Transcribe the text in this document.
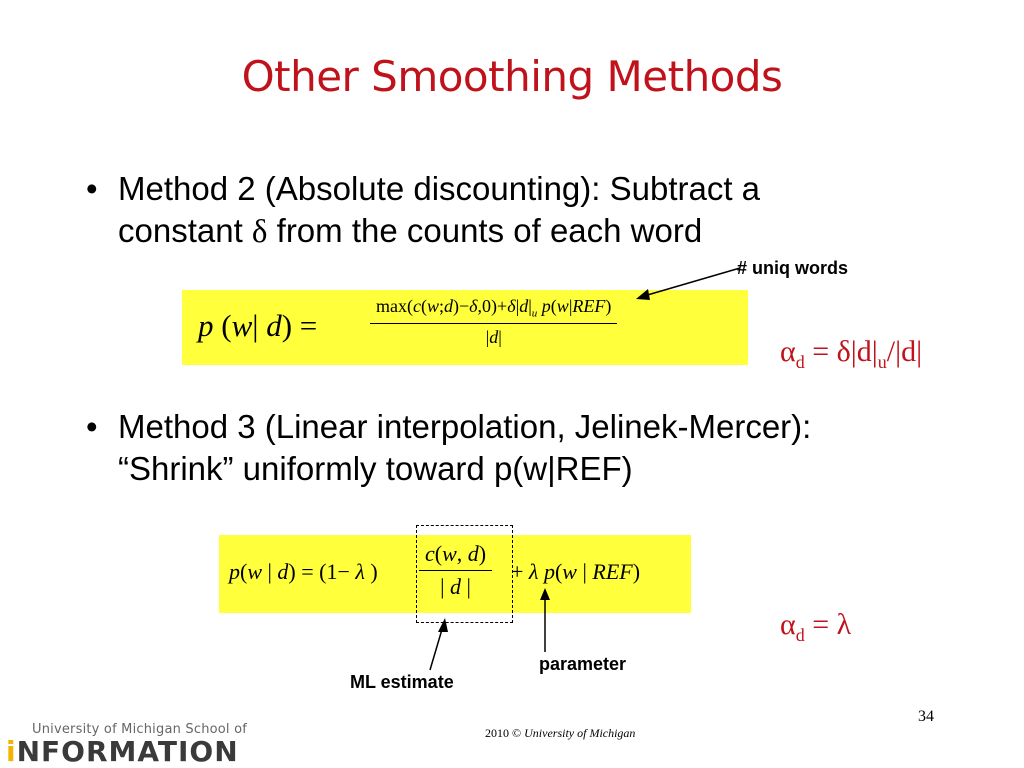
Other Smoothing Methods
• Method 2 (Absolute discounting): Subtract a
constant δ from the counts of each word
p (w| d) =
$\max(c(w;d)-\delta,0)+\delta|d|_u$ p(w|REF)
|d|
# uniq words
$\alpha_d = \delta|d|_u/|d|$
• Method 3 (Linear interpolation, Jelinek-Mercer):
“Shrink” uniformly toward p(w|REF)
p(w | d) = (1− λ ) $\frac{c(w, d)}{| d |} + \lambda$ p(w | REF)
ML estimate
parameter
$\alpha_d = \lambda$
34
2010 © University of Michigan
University of Michigan School of
iNFORMATION
